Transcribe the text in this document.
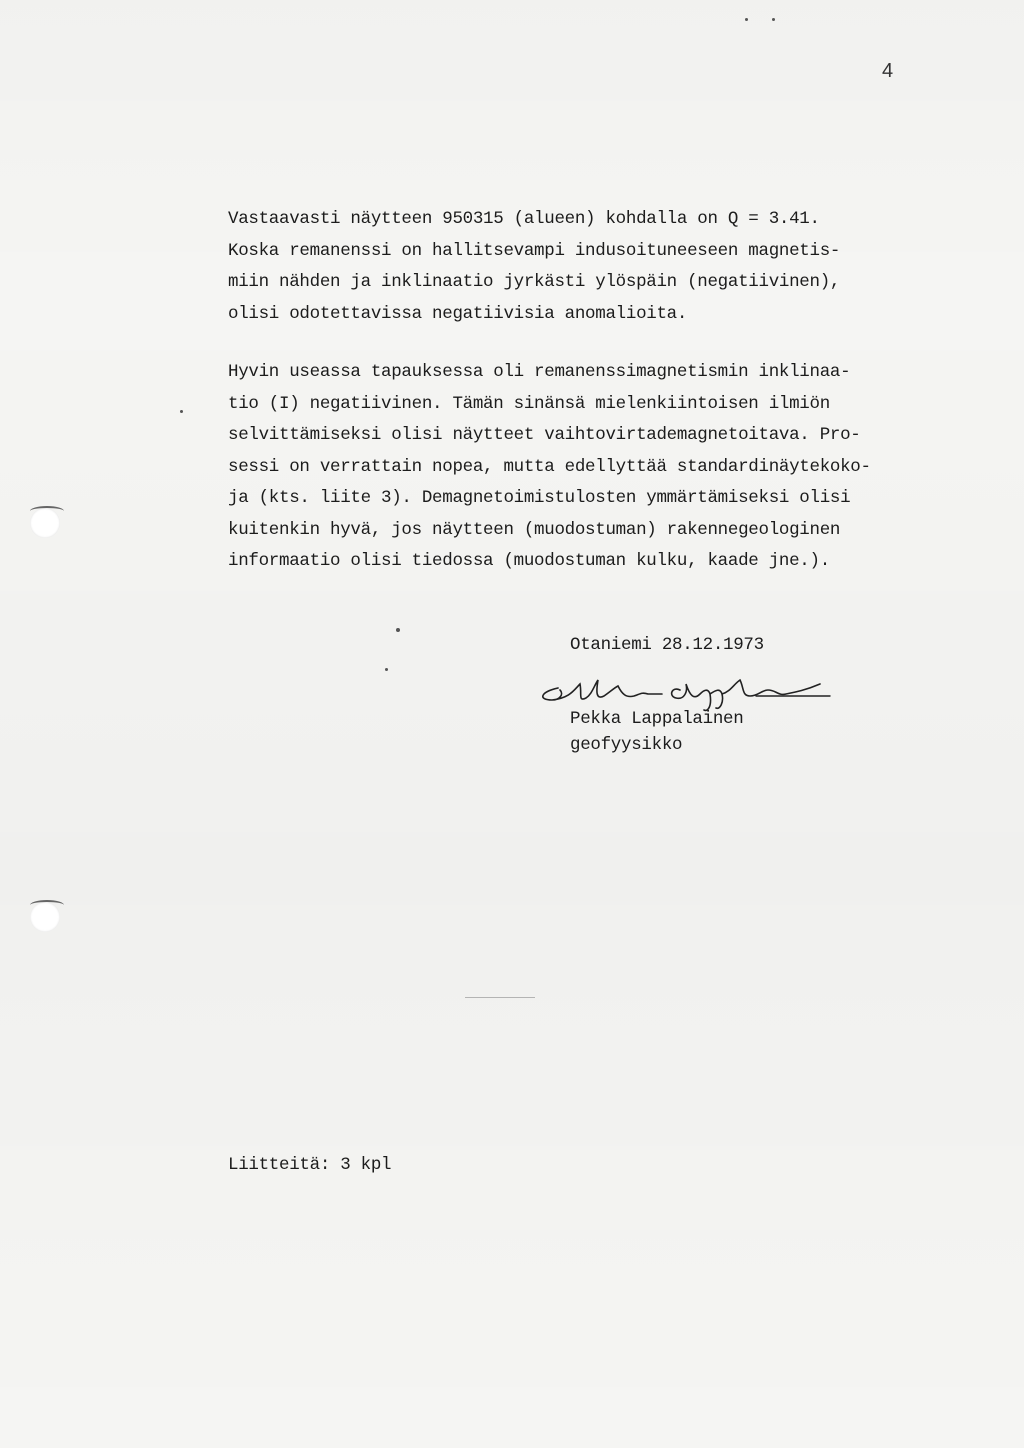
4
Vastaavasti näytteen 950315 (alueen) kohdalla on Q = 3.41.
Koska remanenssi on hallitsevampi indusoituneeseen magnetis-
miin nähden ja inklinaatio jyrkästi ylöspäin (negatiivinen),
olisi odotettavissa negatiivisia anomalioita.
Hyvin useassa tapauksessa oli remanenssimagnetismin inklinaa-
tio (I) negatiivinen. Tämän sinänsä mielenkiintoisen ilmiön
selvittämiseksi olisi näytteet vaihtovirtademagnetoitava. Pro-
sessi on verrattain nopea, mutta edellyttää standardinäytekoko-
ja (kts. liite 3). Demagnetoimistulosten ymmärtämiseksi olisi
kuitenkin hyvä, jos näytteen (muodostuman) rakennegeologinen
informaatio olisi tiedossa (muodostuman kulku, kaade jne.).
Otaniemi 28.12.1973
Pekka Lappalainen
geofyysikko
Liitteitä: 3 kpl
